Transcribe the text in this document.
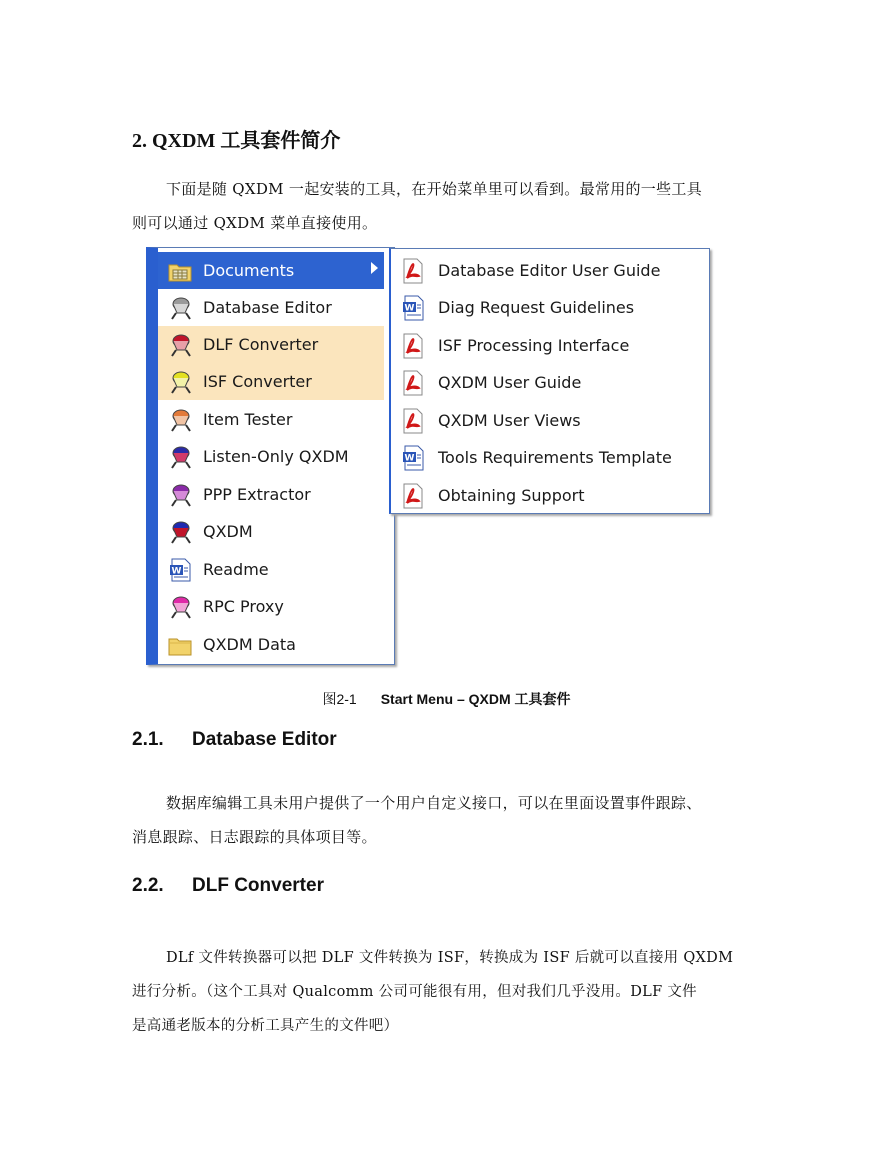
2. QXDM 工具套件简介
下面是随 QXDM 一起安装的工具，在开始菜单里可以看到。最常用的一些工具
则可以通过 QXDM 菜单直接使用。
Documents
Database Editor
DLF Converter
ISF Converter
Item Tester
Listen-Only QXDM
PPP Extractor
QXDM
W Readme
RPC Proxy
QXDM Data
Database Editor User Guide
W Diag Request Guidelines
ISF Processing Interface
QXDM User Guide
QXDM User Views
W Tools Requirements Template
Obtaining Support
图2-1 Start Menu – QXDM 工具套件
2.1. Database Editor
数据库编辑工具未用户提供了一个用户自定义接口，可以在里面设置事件跟踪、
消息跟踪、日志跟踪的具体项目等。
2.2. DLF Converter
DLf 文件转换器可以把 DLF 文件转换为 ISF，转换成为 ISF 后就可以直接用 QXDM
进行分析。（这个工具对 Qualcomm 公司可能很有用，但对我们几乎没用。DLF 文件
是高通老版本的分析工具产生的文件吧）
